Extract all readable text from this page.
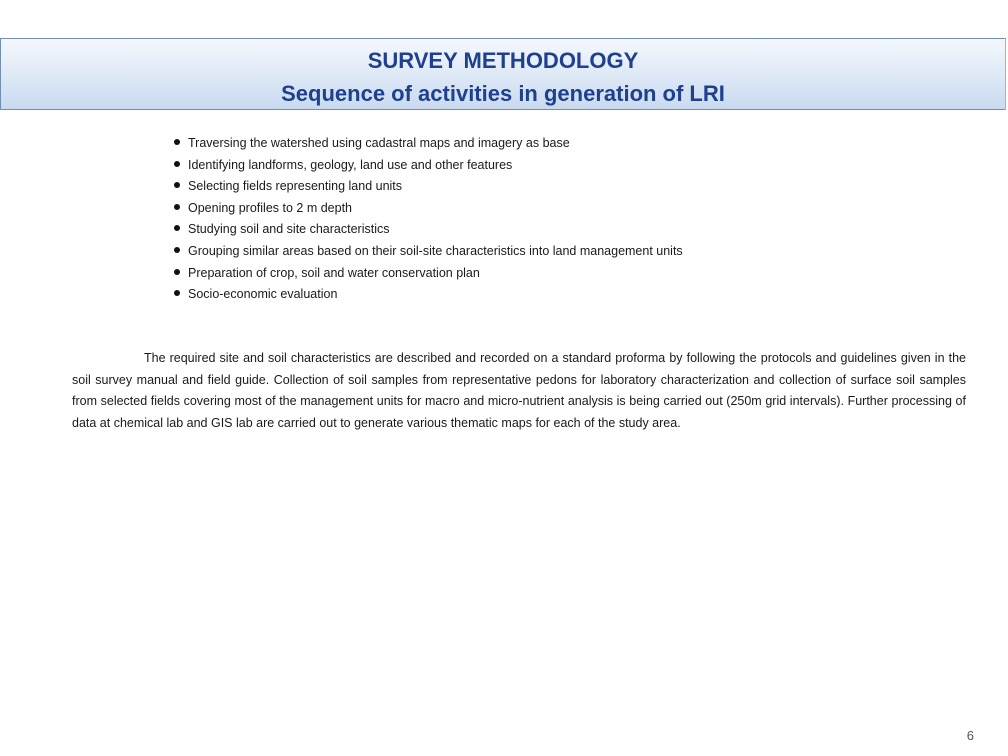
SURVEY METHODOLOGY
Sequence of activities in generation of LRI
Traversing the watershed using cadastral maps and imagery as base
Identifying landforms, geology, land use and other features
Selecting fields representing land units
Opening profiles to 2 m depth
Studying soil and site characteristics
Grouping similar areas based on their soil-site characteristics into land management units
Preparation of crop, soil and water conservation plan
Socio-economic evaluation

The required site and soil characteristics are described and recorded on a standard proforma by following the protocols and guidelines given in the soil survey manual and field guide. Collection of soil samples from representative pedons for laboratory characterization and collection of surface soil samples from selected fields covering most of the management units for macro and micro-nutrient analysis is being carried out (250m grid intervals). Further processing of data at chemical lab and GIS lab are carried out to generate various thematic maps for each of the study area.

6
